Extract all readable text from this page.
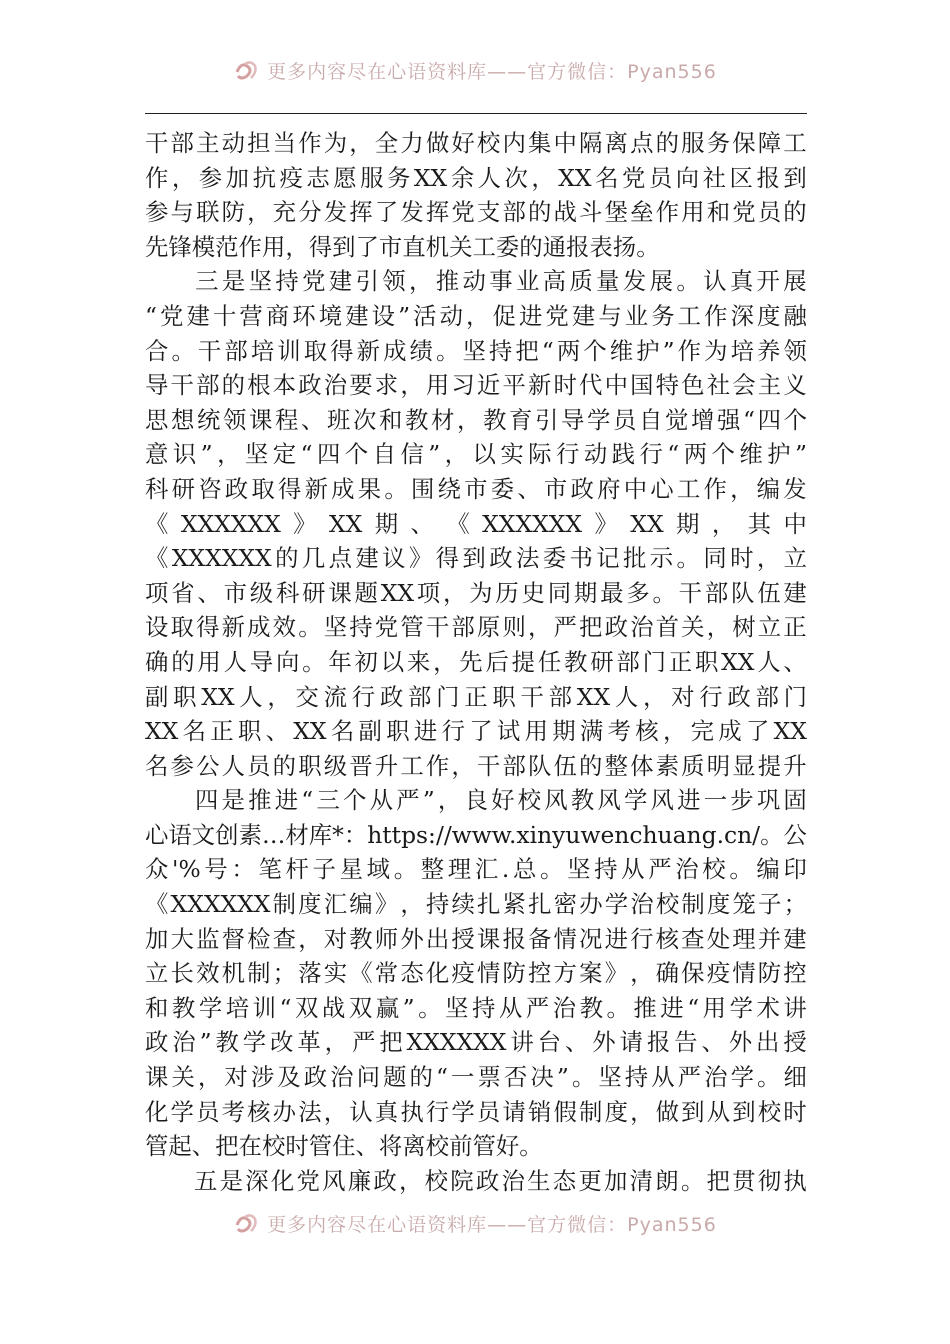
更多内容尽在心语资料库——官方微信：Pyan556
干 部 主 动 担 当 作 为 ， 全 力 做 好 校 内 集 中 隔 离 点 的 服 务 保 障 工
作 ， 参 加 抗 疫 志 愿 服 务 XX 余 人 次 ， XX 名 党 员 向 社 区 报 到
参 与 联 防 ， 充 分 发 挥 了 发 挥 党 支 部 的 战 斗 堡 垒 作 用 和 党 员 的
先锋模范作用，得到了市直机关工委的通报表扬。

三 是 坚 持 党 建 引 领 ， 推 动 事 业 高 质 量 发 展 。 认 真 开 展
“ 党 建 十 营 商 环 境 建 设 ” 活 动 ， 促 进 党 建 与 业 务 工 作 深 度 融
合 。 干 部 培 训 取 得 新 成 绩 。 坚 持 把 “ 两 个 维 护 ” 作 为 培 养 领
导 干 部 的 根 本 政 治 要 求 ， 用 习 近 平 新 时 代 中 国 特 色 社 会 主 义
思 想 统 领 课 程 、 班 次 和 教 材 ， 教 育 引 导 学 员 自 觉 增 强 “ 四 个
意 识 ” ， 坚 定 “ 四 个 自 信 ” ， 以 实 际 行 动 践 行 “ 两 个 维 护 ”
科 研 咨 政 取 得 新 成 果 。 围 绕 市 委 、 市 政 府 中 心 工 作 ， 编 发
《 XXXXXX 》 XX 期 、 《 XXXXXX 》 XX 期 ， 其 中
《 XXXXXX 的 几 点 建 议 》 得 到 政 法 委 书 记 批 示 。 同 时 ， 立
项 省 、 市 级 科 研 课 题 XX 项 ， 为 历 史 同 期 最 多 。 干 部 队 伍 建
设 取 得 新 成 效 。 坚 持 党 管 干 部 原 则 ， 严 把 政 治 首 关 ， 树 立 正
确 的 用 人 导 向 。 年 初 以 来 ， 先 后 提 任 教 研 部 门 正 职 XX 人 、
副 职 XX 人 ， 交 流 行 政 部 门 正 职 干 部 XX 人 ， 对 行 政 部 门
XX 名 正 职 、 XX 名 副 职 进 行 了 试 用 期 满 考 核 ， 完 成 了 XX
名 参 公 人 员 的 职 级 晋 升 工 作 ， 干 部 队 伍 的 整 体 素 质 明 显 提 升

四 是 推 进 “ 三 个 从 严 ” ， 良 好 校 风 教 风 学 风 进 一 步 巩 固
心 语 文 创 素 … 材 库 * ： https://www.xinyuwenchuang.cn/ 。 公
众 '% 号 ： 笔 杆 子 星 域 。 整 理 汇 . 总 。 坚 持 从 严 治 校 。 编 印
《 XXXXXX 制 度 汇 编 》 ， 持 续 扎 紧 扎 密 办 学 治 校 制 度 笼 子 ；
加 大 监 督 检 查 ， 对 教 师 外 出 授 课 报 备 情 况 进 行 核 查 处 理 并 建
立 长 效 机 制 ； 落 实 《 常 态 化 疫 情 防 控 方 案 》 ， 确 保 疫 情 防 控
和 教 学 培 训 “ 双 战 双 赢 ” 。 坚 持 从 严 治 教 。 推 进 “ 用 学 术 讲
政 治 ” 教 学 改 革 ， 严 把 XXXXXX 讲 台 、 外 请 报 告 、 外 出 授
课 关 ， 对 涉 及 政 治 问 题 的 “ 一 票 否 决 ” 。 坚 持 从 严 治 学 。 细
化 学 员 考 核 办 法 ， 认 真 执 行 学 员 请 销 假 制 度 ， 做 到 从 到 校 时
管起、把在校时管住、将离校前管好。

五 是 深 化 党 风 廉 政 ， 校 院 政 治 生 态 更 加 清 朗 。 把 贯 彻 执
更多内容尽在心语资料库——官方微信：Pyan556
